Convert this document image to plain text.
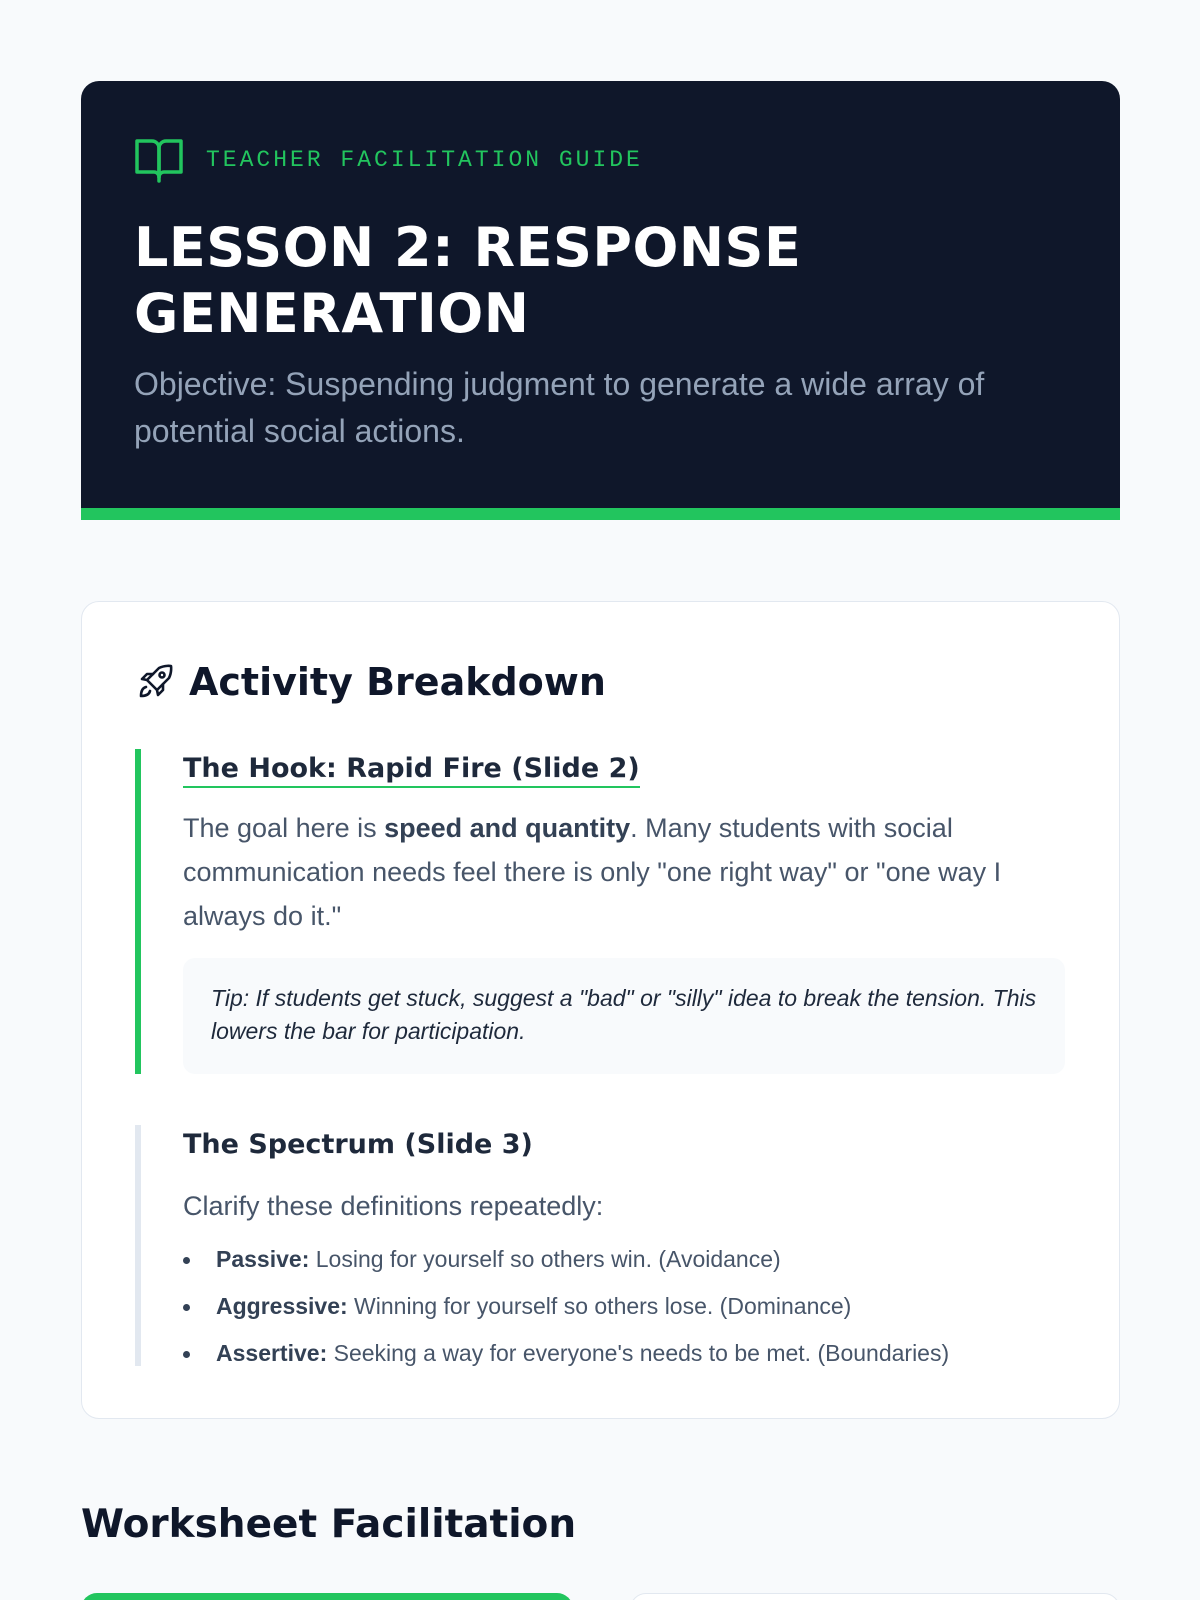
TEACHER FACILITATION GUIDE
LESSON 2: RESPONSE GENERATION

Objective: Suspending judgment to generate a wide array of potential social actions.

Activity Breakdown
The Hook: Rapid Fire (Slide 2)

The goal here is speed and quantity. Many students with social communication needs feel there is only "one right way" or "one way I always do it."

Tip: If students get stuck, suggest a "bad" or "silly" idea to break the tension. This lowers the bar for participation.
The Spectrum (Slide 3)

Clarify these definitions repeatedly:

Passive: Losing for yourself so others win. (Avoidance)
Aggressive: Winning for yourself so others lose. (Dominance)
Assertive: Seeking a way for everyone's needs to be met. (Boundaries)
Worksheet Facilitation
